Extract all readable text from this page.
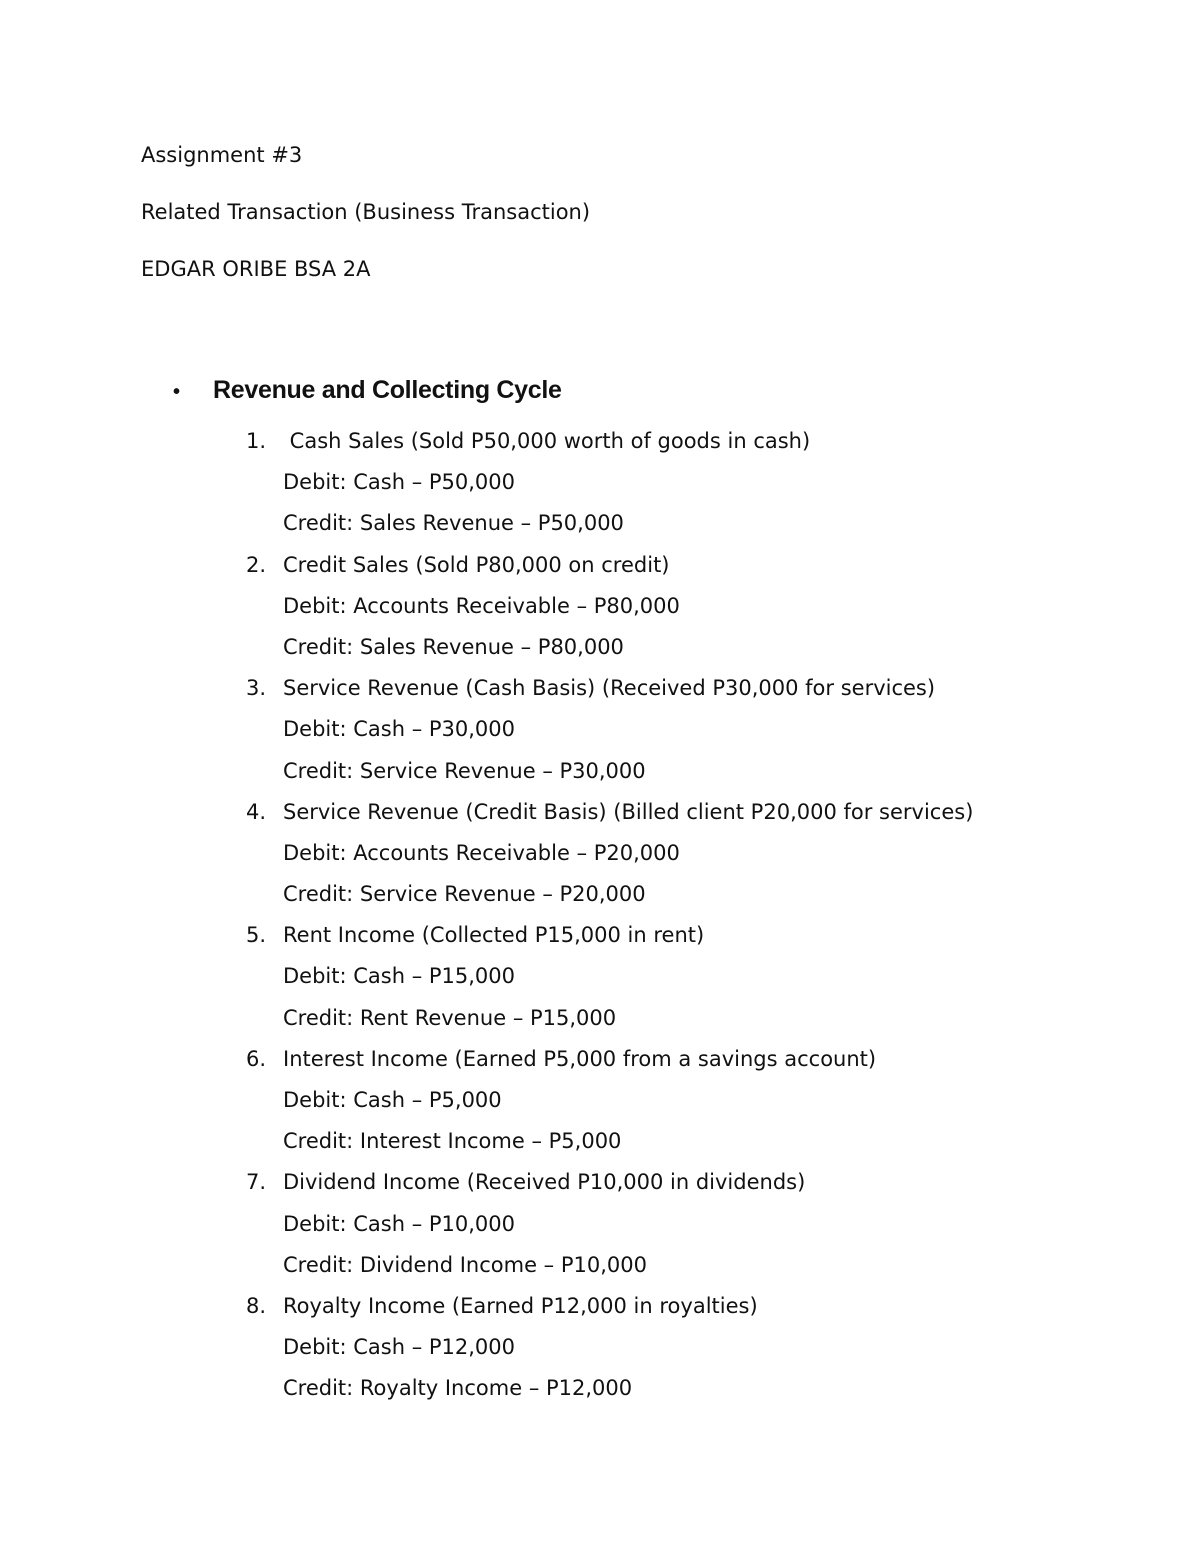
Assignment #3
Related Transaction (Business Transaction)
EDGAR ORIBE BSA 2A
• Revenue and Collecting Cycle
1. Cash Sales (Sold P50,000 worth of goods in cash)
Debit: Cash – P50,000
Credit: Sales Revenue – P50,000
2. Credit Sales (Sold P80,000 on credit)
Debit: Accounts Receivable – P80,000
Credit: Sales Revenue – P80,000
3. Service Revenue (Cash Basis) (Received P30,000 for services)
Debit: Cash – P30,000
Credit: Service Revenue – P30,000
4. Service Revenue (Credit Basis) (Billed client P20,000 for services)
Debit: Accounts Receivable – P20,000
Credit: Service Revenue – P20,000
5. Rent Income (Collected P15,000 in rent)
Debit: Cash – P15,000
Credit: Rent Revenue – P15,000
6. Interest Income (Earned P5,000 from a savings account)
Debit: Cash – P5,000
Credit: Interest Income – P5,000
7. Dividend Income (Received P10,000 in dividends)
Debit: Cash – P10,000
Credit: Dividend Income – P10,000
8. Royalty Income (Earned P12,000 in royalties)
Debit: Cash – P12,000
Credit: Royalty Income – P12,000
